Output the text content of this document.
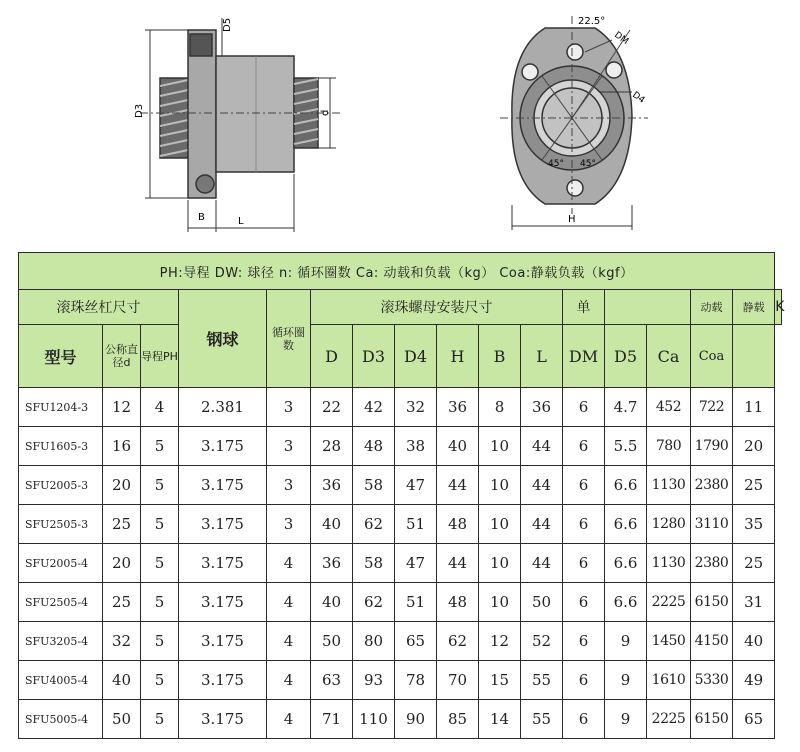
D5
D3	d
B	L
22.5°
DM
D4
45° 45°
H
PH:导程 DW: 球径 n: 循环圈数 Ca: 动载和负载（kg） Coa:静载负载（kgf）																
滚珠丝杠尺寸			钢球	循环圈数	滚珠螺母安装尺寸						单			动载	静载	K
型号	公称直径d	导程PH			D	D3	D4	H	B	L	DM	D5	Ca	Coa		
SFU1204-3	12	4	2.381	3	22	42	32	36	8	36	6	4.7	452	722	11	
SFU1605-3	16	5	3.175	3	28	48	38	40	10	44	6	5.5	780	1790	20	
SFU2005-3	20	5	3.175	3	36	58	47	44	10	44	6	6.6	1130	2380	25	
SFU2505-3	25	5	3.175	3	40	62	51	48	10	44	6	6.6	1280	3110	35	
SFU2005-4	20	5	3.175	4	36	58	47	44	10	44	6	6.6	1130	2380	25	
SFU2505-4	25	5	3.175	4	40	62	51	48	10	50	6	6.6	2225	6150	31	
SFU3205-4	32	5	3.175	4	50	80	65	62	12	52	6	9	1450	4150	40	
SFU4005-4	40	5	3.175	4	63	93	78	70	15	55	6	9	1610	5330	49	
SFU5005-4	50	5	3.175	4	71	110	90	85	14	55	6	9	2225	6150	65	
